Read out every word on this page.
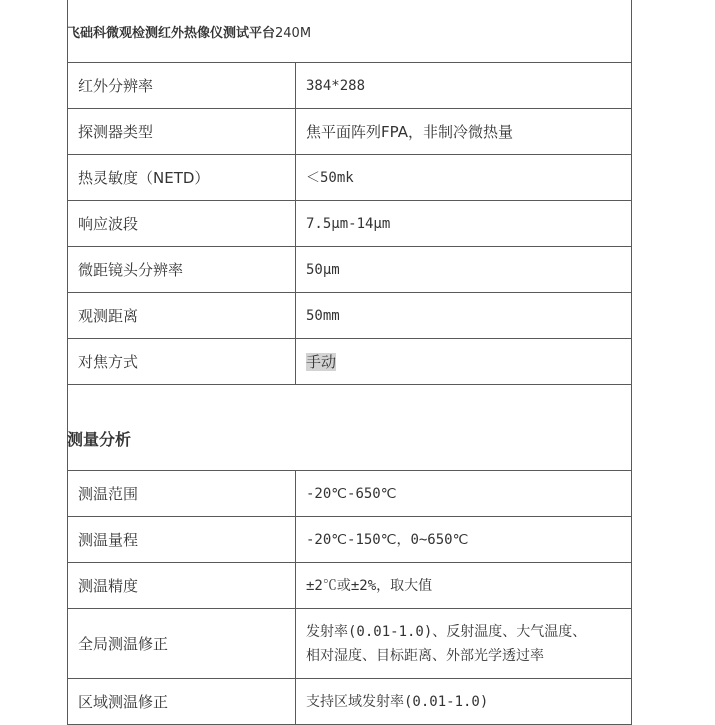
飞础科微观检测红外热像仪测试平台240M
红外分辨率	384*288
探测器类型	焦平面阵列FPA，非制冷微热量
热灵敏度（NETD）	＜50mk
响应波段	7.5μm-14μm
微距镜头分辨率	50μm
观测距离	50mm
对焦方式	手动
测量分析
测温范围	-20℃-650℃
测温量程	-20℃-150℃，0~650℃
测温精度	±2℃或±2%，取大值
全局测温修正	发射率(0.01-1.0)、反射温度、大气温度、
相对湿度、目标距离、外部光学透过率

区域测温修正	支持区域发射率(0.01-1.0)
